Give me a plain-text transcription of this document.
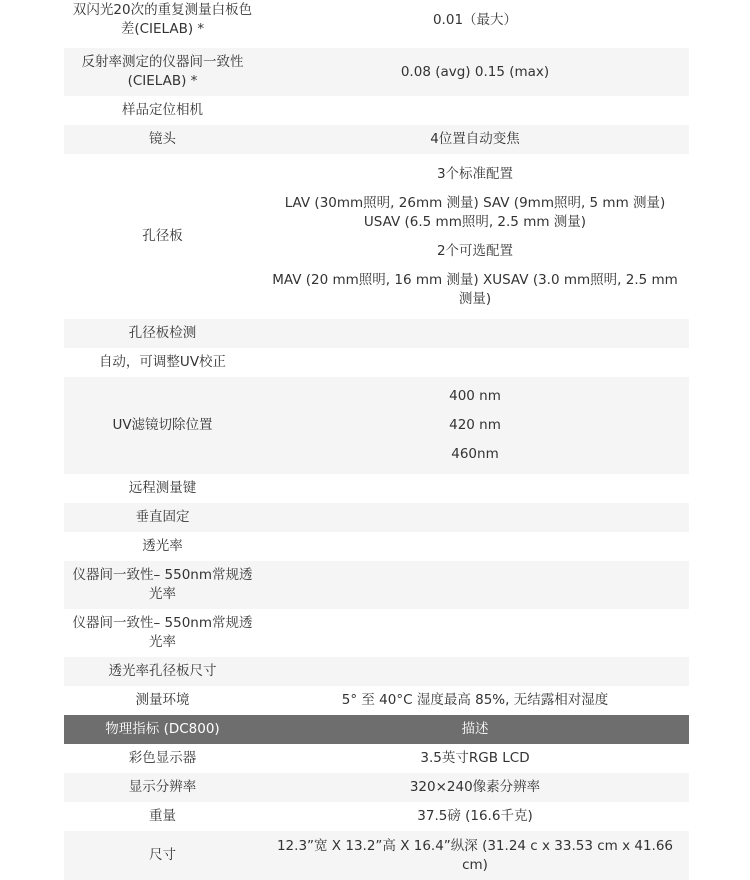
双闪光20次的重复测量白板色差(CIELAB) *	0.01（最大）

反射率测定的仪器间一致性(CIELAB) *	0.08 (avg) 0.15 (max)

样品定位相机	

镜头	4位置自动变焦

孔径板	3个标准配置

LAV (30mm照明, 26mm 测量) SAV (9mm照明, 5 mm 测量) USAV (6.5 mm照明, 2.5 mm 测量)

2个可选配置

MAV (20 mm照明, 16 mm 测量) XUSAV (3.0 mm照明, 2.5 mm 测量)

孔径板检测	

自动，可调整UV校正	

UV滤镜切除位置	400 nm

420 nm

460nm

远程测量键	

垂直固定	

透光率	

仪器间一致性– 550nm常规透光率	

仪器间一致性– 550nm常规透光率	

透光率孔径板尺寸	

测量环境	5° 至 40°C 湿度最高 85%, 无结露相对湿度

物理指标 (DC800)	描述
彩色显示器	3.5英寸RGB LCD

显示分辨率	320×240像素分辨率

重量	37.5磅 (16.6千克)

尺寸	12.3”宽 X 13.2”高 X 16.4”纵深 (31.24 c x 33.53 cm x 41.66 cm)
